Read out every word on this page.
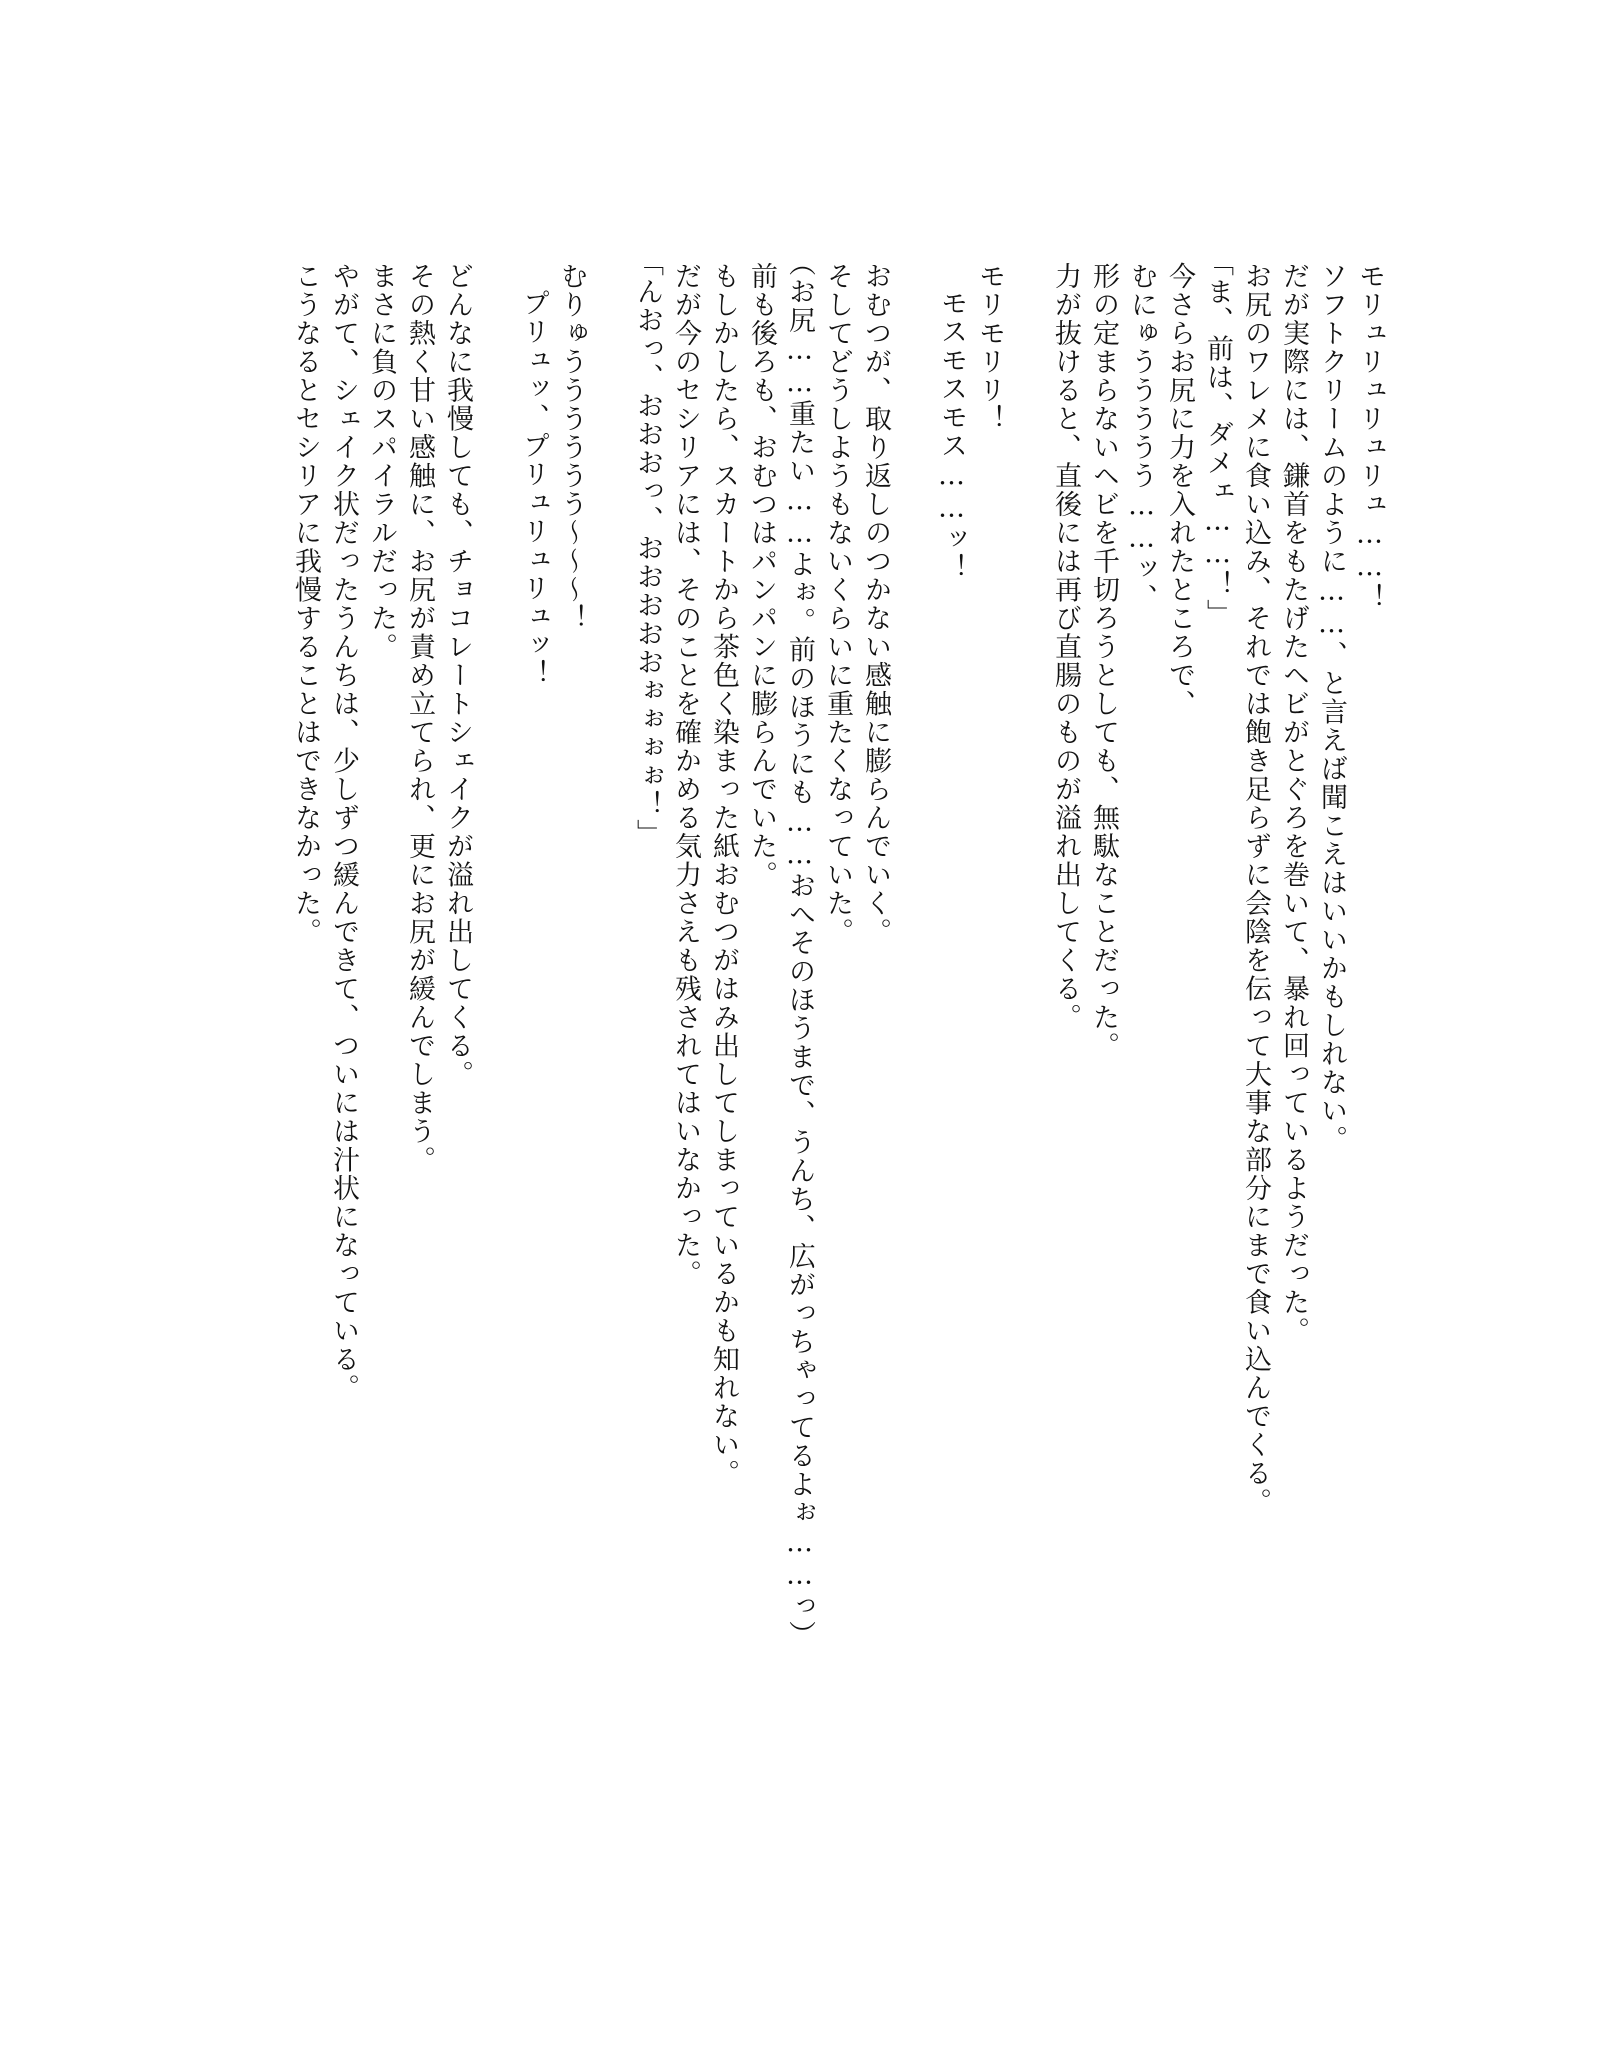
モリュリュリュリュ……！

ソフトクリームのように……、と言えば聞こえはいいかもしれない。

だが実際には、鎌首をもたげたヘビがとぐろを巻いて、暴れ回っているようだった。

お尻のワレメに食い込み、それでは飽き足らずに会陰を伝って大事な部分にまで食い込んでくる。

「ま、前は、ダメェ……！」

今さらお尻に力を入れたところで、

むにゅううううう……ッ、

形の定まらないヘビを千切ろうとしても、無駄なことだった。

力が抜けると、直後には再び直腸のものが溢れ出してくる。

モリモリリ！

モスモスモス……ッ！

おむつが、取り返しのつかない感触に膨らんでいく。

そしてどうしようもないくらいに重たくなっていた。

（お尻……重たい……よぉ。前のほうにも……おへそのほうまで、うんち、広がっちゃってるよぉ……っ）

前も後ろも、おむつはパンパンに膨らんでいた。

もしかしたら、スカートから茶色く染まった紙おむつがはみ出してしまっているかも知れない。

だが今のセシリアには、そのことを確かめる気力さえも残されてはいなかった。

「んおっ、おおおっ、おおおおおぉぉぉぉ！」

むりゅうううううう〜〜〜！

プリュッ、プリュリュリュッ！

どんなに我慢しても、チョコレートシェイクが溢れ出してくる。

その熱く甘い感触に、お尻が責め立てられ、更にお尻が緩んでしまう。

まさに負のスパイラルだった。

やがて、シェイク状だったうんちは、少しずつ緩んできて、ついには汁状になっている。

こうなるとセシリアに我慢することはできなかった。
